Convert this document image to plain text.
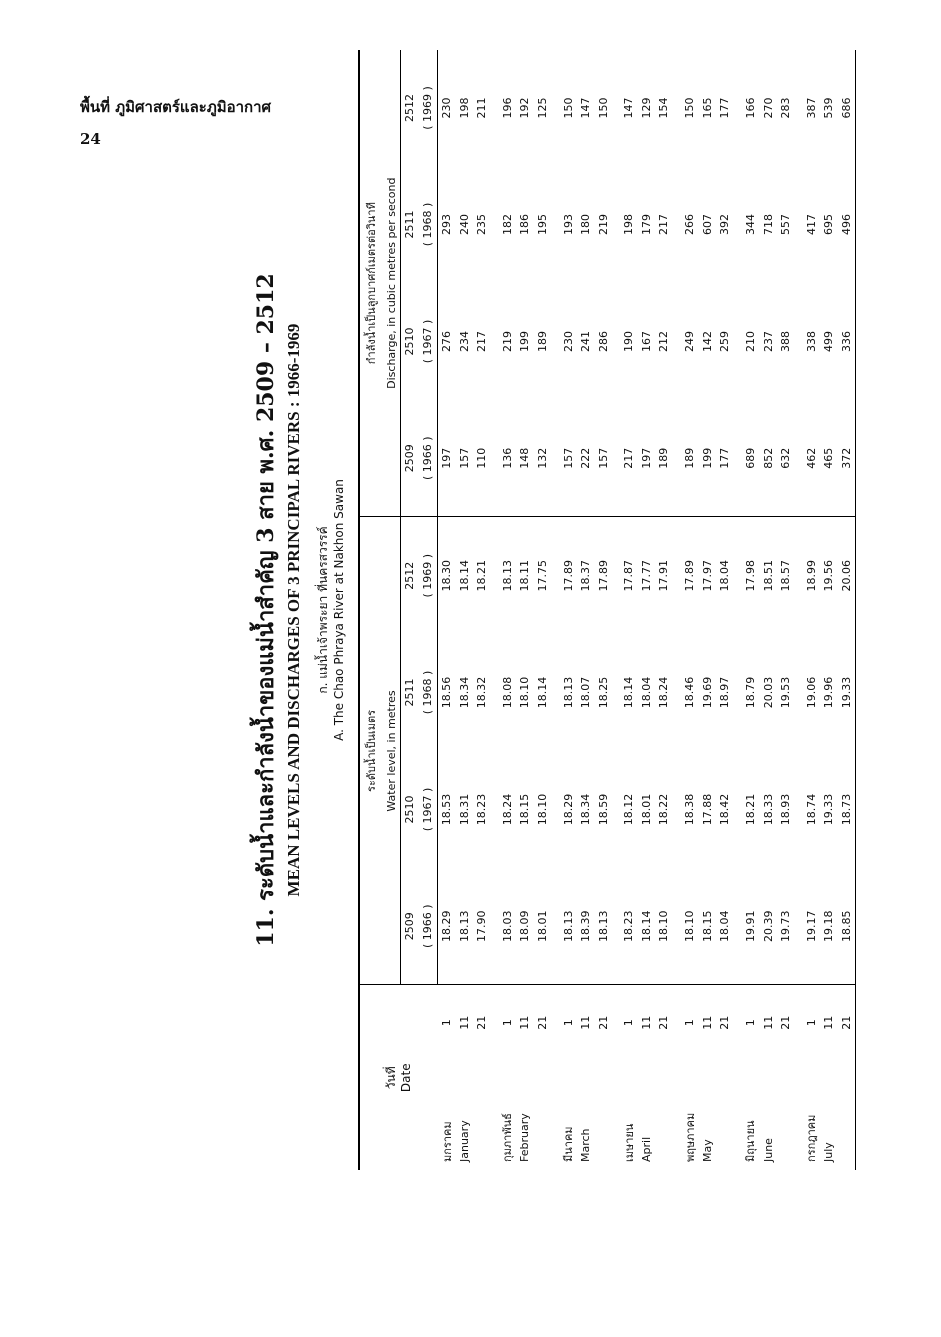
พื้นที่ ภูมิศาสตร์และภูมิอากาศ
24
11. ระดับน้ำและกำลังน้ำของแม่น้ำสำคัญ 3 สาย พ.ศ. 2509 – 2512 MEAN LEVELS AND DISCHARGES OF 3 PRINCIPAL RIVERS : 1966-1969 ก. แม่น้ำเจ้าพระยา ที่นครสวรรค์ A. The Chao Phraya River at Nakhon Sawan
วันที่ Date		ระดับน้ำเป็นเมตร				กำลังน้ำเป็นลูกบาศก์เมตรต่อวินาที			
		Water level, in metres				Discharge, in cubic metres per second			
		2509	2510	2511	2512	2509	2510	2511	2512
		( 1966 )	( 1967 )	( 1968 )	( 1969 )	( 1966 )	( 1967 )	( 1968 )	( 1969 )
มกราคม	1	18.29	18.53	18.56	18.30	197	276	293	230
January	11	18.13	18.31	18.34	18.14	157	234	240	198
	21	17.90	18.23	18.32	18.21	110	217	235	211

กุมภาพันธ์	1	18.03	18.24	18.08	18.13	136	219	182	196
February	11	18.09	18.15	18.10	18.11	148	199	186	192
	21	18.01	18.10	18.14	17.75	132	189	195	125

มีนาคม	1	18.13	18.29	18.13	17.89	157	230	193	150
March	11	18.39	18.34	18.07	18.37	222	241	180	147
	21	18.13	18.59	18.25	17.89	157	286	219	150

เมษายน	1	18.23	18.12	18.14	17.87	217	190	198	147
April	11	18.14	18.01	18.04	17.77	197	167	179	129
	21	18.10	18.22	18.24	17.91	189	212	217	154

พฤษภาคม	1	18.10	18.38	18.46	17.89	189	249	266	150
May	11	18.15	17.88	19.69	17.97	199	142	607	165
	21	18.04	18.42	18.97	18.04	177	259	392	177

มิถุนายน	1	19.91	18.21	18.79	17.98	689	210	344	166
June	11	20.39	18.33	20.03	18.51	852	237	718	270
	21	19.73	18.93	19.53	18.57	632	388	557	283

กรกฎาคม	1	19.17	18.74	19.06	18.99	462	338	417	387
July	11	19.18	19.33	19.96	19.56	465	499	695	539
	21	18.85	18.73	19.33	20.06	372	336	496	686
